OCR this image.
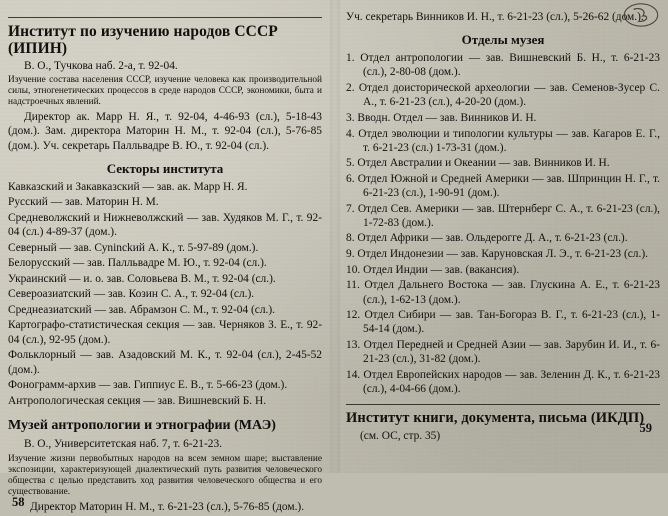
Институт по изучению народов СССР (ИПИН)

В. О., Тучкова наб. 2-а, т. 92-04.

Изучение состава населения СССР, изучение человека как производительной силы, этногенетических процессов в среде народов СССР, экономики, быта и надстроечных явлений.

Директор ак. Марр Н. Я., т. 92-04, 4-46-93 (сл.), 5-18-43 (дом.). Зам. директора Маторин Н. М., т. 92-04 (сл.), 5-76-85 (дом.). Уч. секретарь Палльвадре В. Ю., т. 92-04 (сл.).

Секторы института

Кавказский и Закавказский — зав. ак. Марр Н. Я.

Русский — зав. Маторин Н. М.

Средневолжский и Нижневолжский — зав. Худяков М. Г., т. 92-04 (сл.) 4-89-37 (дом.).

Северный — зав. Суninckий А. К., т. 5-97-89 (дом.).

Белорусский — зав. Палльвадре М. Ю., т. 92-04 (сл.).

Украинский — и. о. зав. Соловьева В. М., т. 92-04 (сл.).

Североазиатский — зав. Козин С. А., т. 92-04 (сл.).

Среднеазиатский — зав. Абрамзон С. М., т. 92-04 (сл.).

Картографо-статистическая секция — зав. Черняков З. Е., т. 92-04 (сл.), 92-95 (дом.).

Фольклорный — зав. Азадовский М. К., т. 92-04 (сл.), 2-45-52 (дом.).

Фонограмм-архив — зав. Гиппиус Е. В., т. 5-66-23 (дом.).

Антропологическая секция — зав. Вишневский Б. Н.

Музей антропологии и этнографии (МАЭ)

В. О., Университетская наб. 7, т. 6-21-23.

Изучение жизни первобытных народов на всем земном шаре; выставление экспозиции, характеризующей диалектический путь развития человеческого общества с целью представить ход развития человеческого общества и его существование.

Директор Маторин Н. М., т. 6-21-23 (сл.), 5-76-85 (дом.).

58

Уч. секретарь Винников И. Н., т. 6-21-23 (сл.), 5-26-62 (дом.).

Отделы музея

1. Отдел антропологии — зав. Вишневский Б. Н., т. 6-21-23 (сл.), 2-80-08 (дом.).

2. Отдел доисторической археологии — зав. Семенов-Зусер С. А., т. 6-21-23 (сл.), 4-20-20 (дом.).

3. Вводн. Отдел — зав. Винников И. Н.

4. Отдел эволюции и типологии культуры — зав. Кагаров Е. Г., т. 6-21-23 (сл.) 1-73-31 (дом.).

5. Отдел Австралии и Океании — зав. Винников И. Н.

6. Отдел Южной и Средней Америки — зав. Шпринцин Н. Г., т. 6-21-23 (сл.), 1-90-91 (дом.).

7. Отдел Сев. Америки — зав. Штернберг С. А., т. 6-21-23 (сл.), 1-72-83 (дом.).

8. Отдел Африки — зав. Ольдерогге Д. А., т. 6-21-23 (сл.).

9. Отдел Индонезии — зав. Каруновская Л. Э., т. 6-21-23 (сл.).

10. Отдел Индии — зав. (вакансия).

11. Отдел Дальнего Востока — зав. Глускина А. Е., т. 6-21-23 (сл.), 1-62-13 (дом.).

12. Отдел Сибири — зав. Тан-Богораз В. Г., т. 6-21-23 (сл.), 1-54-14 (дом.).

13. Отдел Передней и Средней Азии — зав. Зарубин И. И., т. 6-21-23 (сл.), 31-82 (дом.).

14. Отдел Европейских народов — зав. Зеленин Д. К., т. 6-21-23 (сл.), 4-04-66 (дом.).

Институт книги, документа, письма (ИКДП)

(см. ОС, стр. 35)

59
